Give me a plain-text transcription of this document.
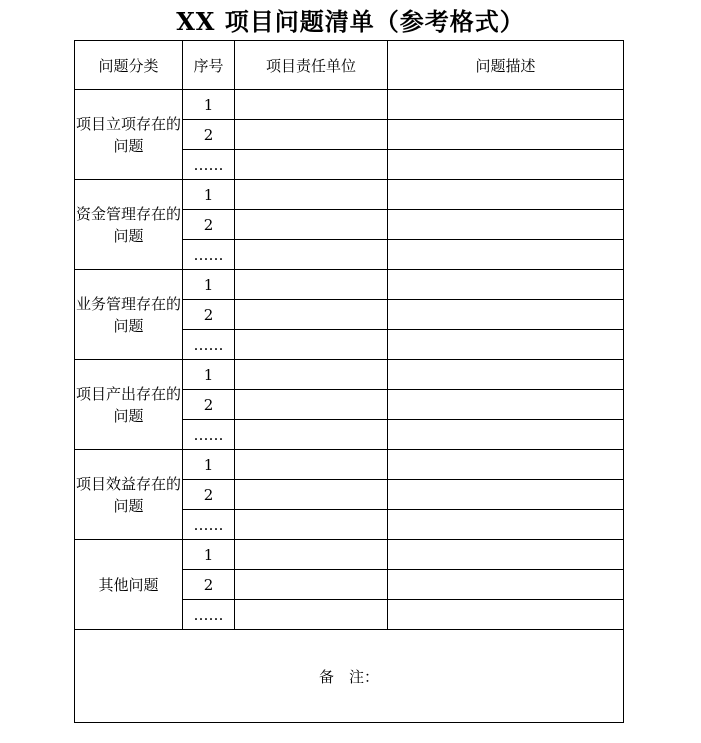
XX 项目问题清单（参考格式）
问题分类	序号	项目责任单位	问题描述
项目立项存在的问题	1		
	2		
	……		
资金管理存在的问题	1		
	2		
	……		
业务管理存在的问题	1		
	2		
	……		
项目产出存在的问题	1		
	2		
	……		
项目效益存在的问题	1		
	2		
	……		
其他问题	1		
	2		
	……		
备　注：			
